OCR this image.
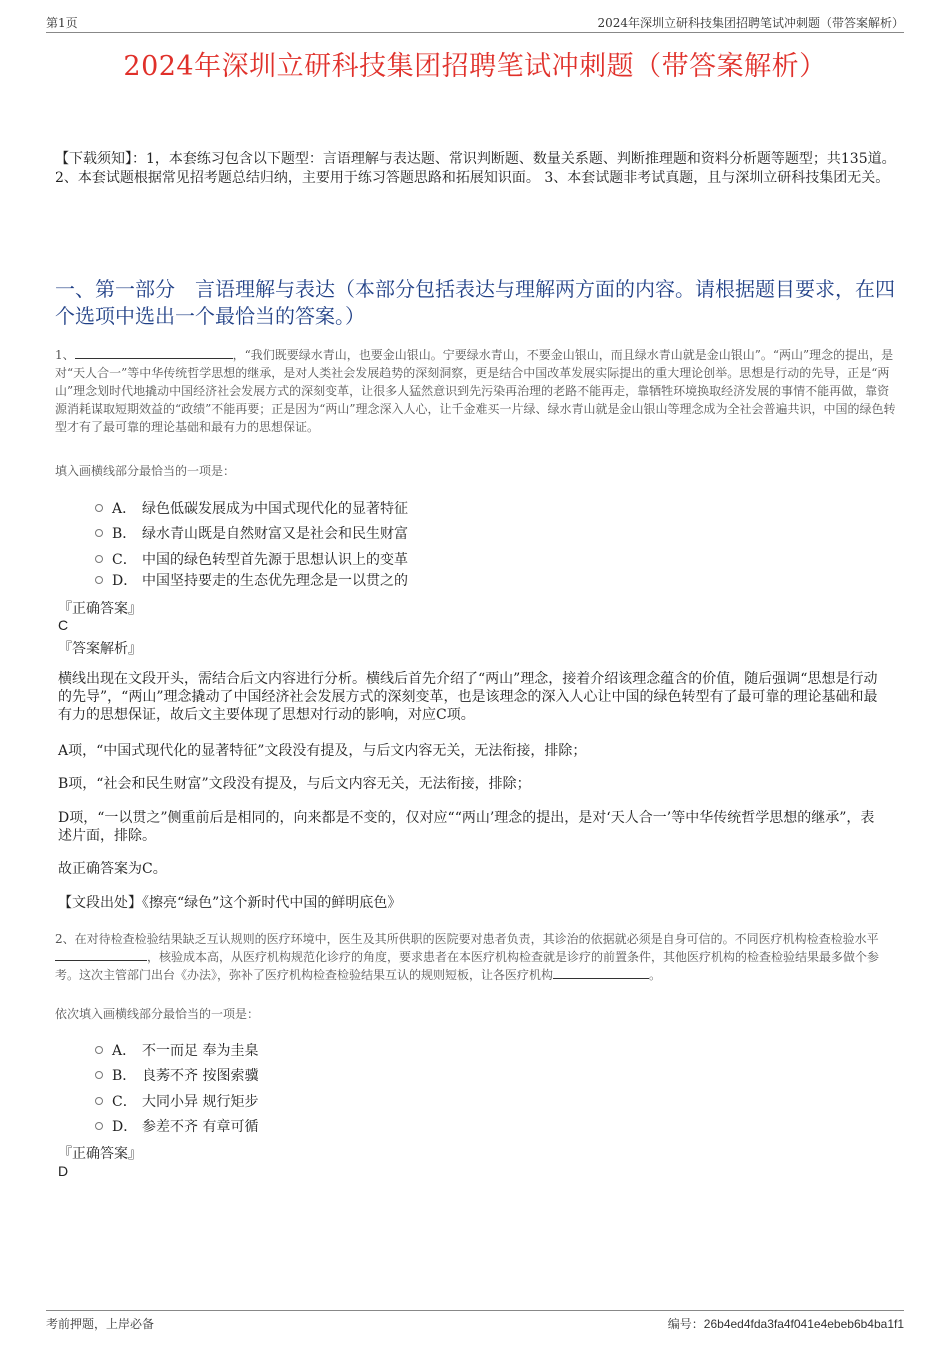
第1页	2024年深圳立研科技集团招聘笔试冲刺题（带答案解析）
2024年深圳立研科技集团招聘笔试冲刺题（带答案解析）
【下载须知】：1，本套练习包含以下题型：言语理解与表达题、常识判断题、数量关系题、判断推理题和资料分析题等题型；共135道。 2、本套试题根据常见招考题总结归纳，主要用于练习答题思路和拓展知识面。 3、本套试题非考试真题，且与深圳立研科技集团无关。
一、第一部分　言语理解与表达（本部分包括表达与理解两方面的内容。请根据题目要求，在四个选项中选出一个最恰当的答案。）
1、	，“我们既要绿水青山，也要金山银山。宁要绿水青山，不要金山银山，而且绿水青山就是金山银山”。“两山”理念的提出，是对“天人合一”等中华传统哲学思想的继承，是对人类社会发展趋势的深刻洞察，更是结合中国改革发展实际提出的重大理论创举。思想是行动的先导，正是“两山”理念划时代地撬动中国经济社会发展方式的深刻变革，让很多人猛然意识到先污染再治理的老路不能再走，靠牺牲环境换取经济发展的事情不能再做，靠资源消耗谋取短期效益的“政绩”不能再要；正是因为“两山”理念深入人心，让千金难买一片绿、绿水青山就是金山银山等理念成为全社会普遍共识，中国的绿色转型才有了最可靠的理论基础和最有力的思想保证。
填入画横线部分最恰当的一项是：
A． 绿色低碳发展成为中国式现代化的显著特征
B． 绿水青山既是自然财富又是社会和民生财富
C． 中国的绿色转型首先源于思想认识上的变革
D． 中国坚持要走的生态优先理念是一以贯之的
『正确答案』
C
『答案解析』
横线出现在文段开头，需结合后文内容进行分析。横线后首先介绍了“两山”理念，接着介绍该理念蕴含的价值，随后强调“思想是行动的先导”，“两山”理念撬动了中国经济社会发展方式的深刻变革，也是该理念的深入人心让中国的绿色转型有了最可靠的理论基础和最有力的思想保证，故后文主要体现了思想对行动的影响，对应C项。
A项，“中国式现代化的显著特征”文段没有提及，与后文内容无关，无法衔接，排除；
B项，“社会和民生财富”文段没有提及，与后文内容无关，无法衔接，排除；
D项，“一以贯之”侧重前后是相同的，向来都是不变的，仅对应““两山’理念的提出，是对‘天人合一’等中华传统哲学思想的继承”，表述片面，排除。
故正确答案为C。
【文段出处】《擦亮“绿色”这个新时代中国的鲜明底色》
2、在对待检查检验结果缺乏互认规则的医疗环境中，医生及其所供职的医院要对患者负责，其诊治的依据就必须是自身可信的。不同医疗机构检查检验水平，核验成本高，从医疗机构规范化诊疗的角度，要求患者在本医疗机构检查就是诊疗的前置条件，其他医疗机构的检查检验结果最多做个参考。这次主管部门出台《办法》，弥补了医疗机构检查检验结果互认的规则短板，让各医疗机构	。
依次填入画横线部分最恰当的一项是：
A． 不一而足 奉为圭臬
B． 良莠不齐 按图索骥
C． 大同小异 规行矩步
D． 参差不齐 有章可循
『正确答案』
D
考前押题，上岸必备	编号：26b4ed4fda3fa4f041e4ebeb6b4ba1f1
